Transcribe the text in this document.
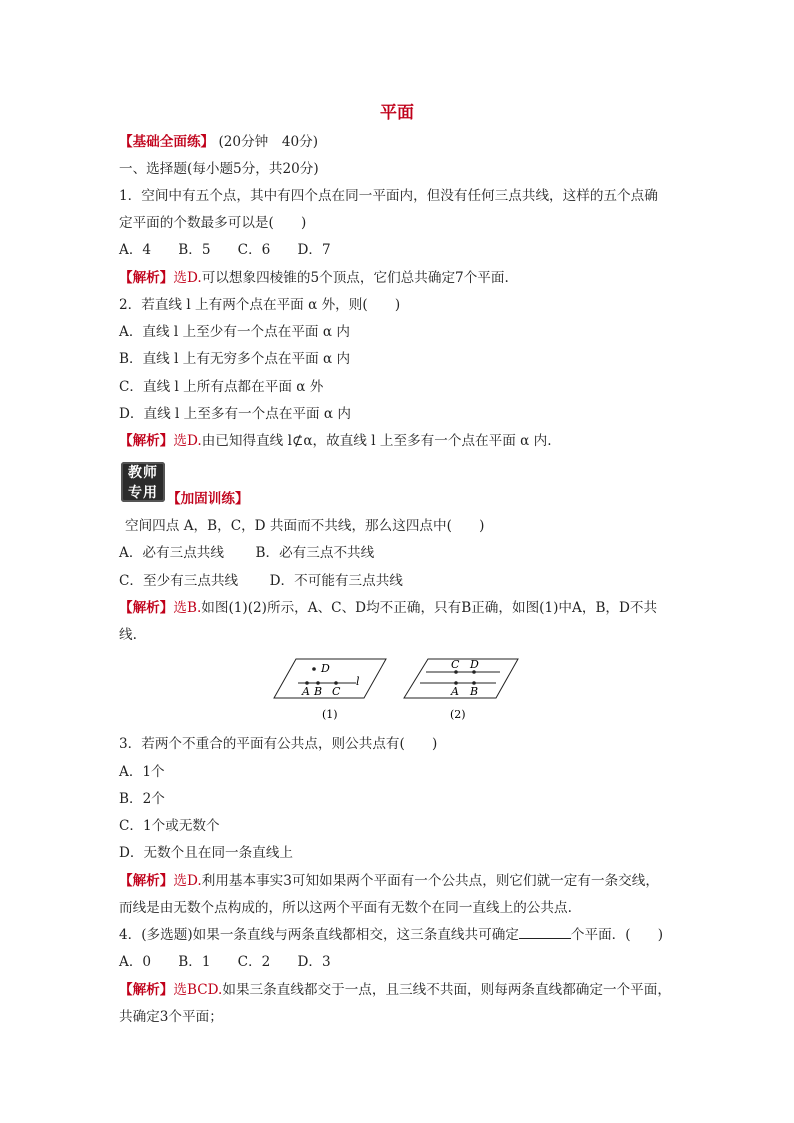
平面
【基础全面练】 (20分钟　40分)
一、选择题(每小题5分，共20分)
1．空间中有五个点，其中有四个点在同一平面内，但没有任何三点共线，这样的五个点确
定平面的个数最多可以是(　　)
A．4　　B．5　　C．6　　D．7
【解析】选D.可以想象四棱锥的5个顶点，它们总共确定7个平面.
2．若直线 l 上有两个点在平面 α 外，则(　　)
A．直线 l 上至少有一个点在平面 α 内
B．直线 l 上有无穷多个点在平面 α 内
C．直线 l 上所有点都在平面 α 外
D．直线 l 上至多有一个点在平面 α 内
【解析】选D.由已知得直线 l⊄α，故直线 l 上至多有一个点在平面 α 内.
教师
专用 【加固训练】
空间四点 A，B，C，D 共面而不共线，那么这四点中(　　)
A．必有三点共线　　 B．必有三点不共线
C．至少有三点共线　　 D．不可能有三点共线
【解析】选B.如图(1)(2)所示，A、C、D均不正确，只有B正确，如图(1)中A，B，D不共
线.
D
A B C
l
(1)
C D
A B
(2)
3．若两个不重合的平面有公共点，则公共点有(　　)
A．1个
B．2个
C．1个或无数个
D．无数个且在同一条直线上
【解析】选D.利用基本事实3可知如果两个平面有一个公共点，则它们就一定有一条交线，
而线是由无数个点构成的，所以这两个平面有无数个在同一直线上的公共点.
4．(多选题)如果一条直线与两条直线都相交，这三条直线共可确定	个平面．(　　)
A．0　　B．1　　C．2　　D．3
【解析】选BCD.如果三条直线都交于一点，且三线不共面，则每两条直线都确定一个平面，
共确定3个平面；
